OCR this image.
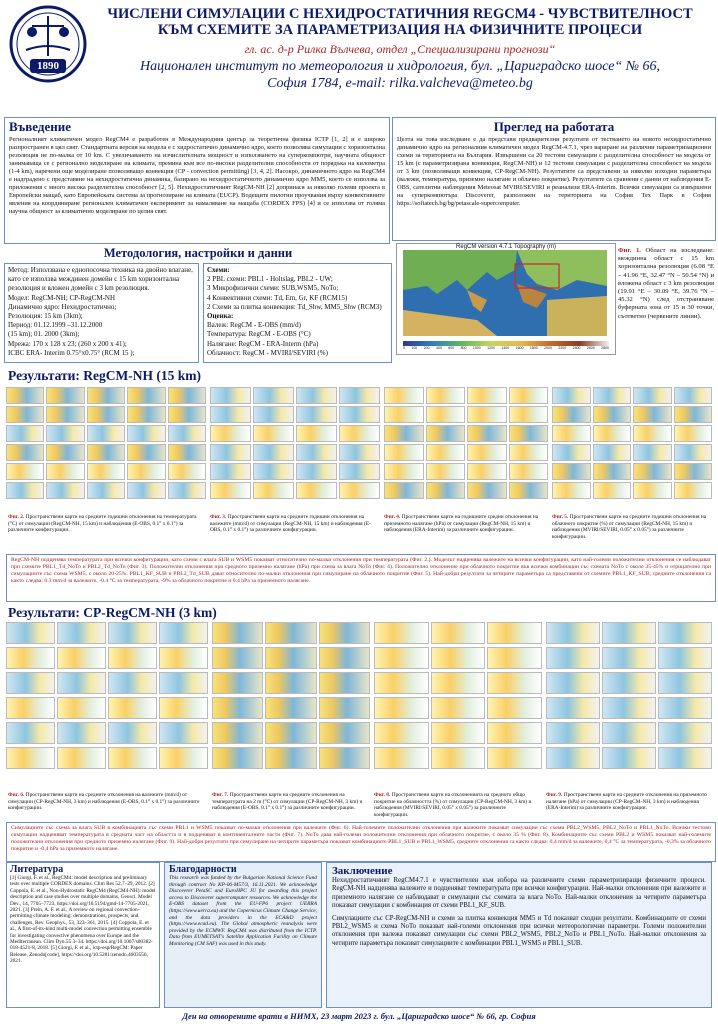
1890
ЧИСЛЕНИ СИМУЛАЦИИ С НЕХИДРОСТАТИЧНИЯ REGCM4 - ЧУВСТВИТЕЛНОСТ
КЪМ СХЕМИТЕ ЗА ПАРАМЕТРИЗАЦИЯ НА ФИЗИЧНИТЕ ПРОЦЕСИ
гл. ас. д-р Рилка Вълчева, отдел „Специализирани прогнози“
Национален институт по метеорология и хидрология, бул. „Цариградско шосе“ № 66,
София 1784, e-mail: rilka.valcheva@meteo.bg
Въведение
Регионалният климатичен модел RegCM4 е разработен в Международния център за теоретична физика ICTP [1, 2] и е широко разпространен в цял свят. Стандартната версия на модела е с хидростатично динамично ядро, което позволява симулации с хоризонтална резолюция не по-малка от 10 km. С увеличаването на изчислителната мощност и използването на суперкомпютри, научната общност занимаваща се с регионално моделиране на климата, премина към все по-високи разделителни способности от порядъка на километра (1-4 km), наречени още моделиране позволяващо конвекция (CP - convection permitting) [3, 4, 2]. Насокро, динамичното ядро на RegCM4 е надградено с представяне на нехидростатична динамика, базирано на нехидростатичното динамично ядро MM5, което се използва за приложения с много висока разделителна способност [2, 5]. Нехидростатичният RegCM-NH [2] допринася за няколко големи проекта в Европейски мащаб, като Европейската система за прогнозиране на климата (EUCP). Водещите пилотни проучвания върху конвективните явления на координиране регионален климатичен експеримент за намаляване на мащаба (CORDEX FPS) [4] и се използва от голяма научна общност за климатично моделиране по целия свят.
Преглед на работата
Целта на това изследване е да представи предварителни резултати от тестването на новото нехидростатично динамично ядро на регионалния климатичен модел RegCM-4.7.1, чрез вариране на различни параметризационни схеми за територията на България. Извършени са 20 тестови симулации с разделителна способност на модела от 15 km (с параметризирана конвекция, RegCM-NH) и 12 тестови симулации с разделителна способност на модела от 3 km (позволяващи конвекция, CP-RegCM-NH). Резултатите са представени за няколко изходни параметъра (валежи, температура, приземно налягане и облачно покритие). Резултатите са сравнени с данни от наблюдения E-OBS, сателитни наблюдения Meteosat MVIRI/SEVIRI и реанализи ERA-Interim. Всички симулации са извършени на суперкомпютъра Discoverer, разположен на територията на София Тех Парк в София https://sofiatech.bg/bg/petascale-supercomputer.
Методология, настройки и данни
Метод: Използвана е еднопосочна техника на двойно влагане, като се използва междинен домейн с 15 km хоризонтална резолюция и вложен домейн с 3 km резолюция.
Модел: RegCM-NH; CP-RegCM-NH
Динамично ядро: Нехидростатично;
Резолюция: 15 km (3km);
Период: 01.12.1999 –31.12.2000
(15 km); 01. 2000 (3km);
Мрежа: 170 x 128 x 23; (260 x 200 x 41);
ICBC ERA- Interim 0.75°x0.75° (RCM 15 );
Схеми:
2 PBL схеми: PBL1 - Holtslag, PBL2 - UW;
3 Микрофизични схеми: SUB,WSM5, NoTo;
4 Конвективни схеми: Td, Em, Gr, KF (RCM15)
2 Схеми за плитка конвекция: Td_Shw, MM5_Shw (RCM3)
Оценка:
Валеж: RegCM - E-OBS (mm/d)
Температура: RegCM - E-OBS (°C)
Налягане: RegCM - ERA-Interm (hPa)
Облачност: RegCM - MVIRI/SEVIRI (%)
RegCM version 4.7.1 Topography (m)
0 100 200 400 600 800 1000 1200 1400 1600 1800 2000 2200 2400 2600 2800
Фиг. 1. Област на изследване: междинна област с 15 km хоризонтална резолюция (6.08 °E – 41.96 °E, 32.47 °N – 50.54 °N) и вложена област с 3 km резолюция (19.91 °E – 30.09 °E, 39.76 °N – 45.32 °N) след отстраняване буферната зона от 15 и 30 точки, съответно (червените линии).
Результати: RegCM-NH (15 km)
Фиг. 2. Пространствени карти на средните годишни отклонения на температурата (°C) от симулации (RegCM-NH, 15 km) и наблюдения (E-OBS, 0.1° x 0.1°) за различните конфигурации.
Фиг. 3. Пространствени карти на средните годишни отклонения на валежите (mm/d) от симулации (RegCM-NH, 15 km) и наблюдения (E-OBS, 0.1° x 0.1°) за различните конфигурации.
Фиг. 4. Пространствени карти на годишните средни отклонения на приземното налягане (hPa) от симулации (RegCM-NH, 15 km) и наблюдения (ERA-Interim) за различните конфигурации.
Фиг. 5. Пространствени карти на средните годишни отклонения на облачното покритие (%) от симулации (RegCM-NH, 15 km) и наблюдения (MVIRI/SEVIRI, 0.05° x 0.05°) за различните конфигурации.
RegCM-NH подценява температурата при всички конфигурации, като схеми с влага SUB и WSM5 показват относително по-малки отклонения при температурата (Фиг. 2.). Моделът надценява валежите на всички конфигурации, като най-големи положителни отклонения се наблюдават при схемите PBL1_Td_NoTo и PBL2_Td_NoTo (Фиг. 3). Положителни отклонения при средното приземно налягане (hPa) при схема за влага NoTo (Фиг. 4). Положително отклонение при облачното покритие във всички комбинации със схемата NoTo с около 35-45% и отрицателно при симулациите със схема WSM5, с около 20-25%. PBL1_KF_SUB и PBL2_Td_SUB дават относително по-малки отклонения при симулиране на облачното покритие (Фиг. 5). Най-добри резултати за четирите параметъра са представени от схемите PBL1_KF_SUB, средните отклонения са както следва: 0.3 mm/d за валежите, -0.4 °C за температурата, -9% за облачното покритие и 0.4 hPa за приземното налягане.
Результати: CP-RegCM-NH (3 km)
Фиг. 6. Пространствени карти на средните отклонения на валежите (mm/d) от симулации (CP-RegCM-NH, 3 km) и наблюдения (E-OBS, 0.1° x 0.1°) за различните конфигурации.
Фиг. 7. Пространствени карти на средните отклонения на температурата на 2 m (°C) от симулации (CP-RegCM-NH, 3 km) и наблюдения (E-OBS, 0.1° x 0.1°) за различните конфигурации.
Фиг. 8. Пространствени карти на отклоненията на средното общо покритие на облачността (%) от симулации (CP-RegCM-NH, 3 km) и наблюдения (MVIRI/SEVIRI, 0.05° x 0.05°) за различните конфигурации.
Фиг. 9. Пространствени карти на средните отклонения на приземното налягане (hPa) от симулации (CP-RegCM-NH, 3 km) и наблюдения (ERA-Interim) за различните конфигурации.
Симулациите със схема за влага SUB в комбинацията със схеми PBL1 и WSM5 показват по-малки отклонения при валежите (Фиг. 6). Най-големите положителни отклонения при валежите показват симулации със схеми PBL2_WSM5, PBL2_NoTo и PBL1_NoTo. Всички тестови симулации надценяват температурата в средната част на областта и я подценяват в континенталните части (Фиг. 7). NoTo дава най-големи положителни отклонения при облачното покритие, с около 35 % (Фиг. 8). Комбинациите със схеми PBL2 и WSM5 показват най-големите положителни отклонения при средното приземно налягане (Фиг. 9). Най-добри резултати при симулиране на четирите параметъра показват комбинациите PBL1_SUB и PBL1_WSM5, средните отклонения са както следва: 0,4 mm/d за валежите, 0,4 °C за температурата, -0,3% за облачното покритие и -0,4 hPa за приземното налягане.
Литература
[1] Giorgi, F. et al., RegCM4: model description and preliminary tests over multiple CORDEX domains. Clim Res 52,7–29, 2012. [2] Coppola, E. et al., Non-Hydrostatic RegCM4 (RegCM4-NH): model description and case studies over multiple domains, Geosci. Model Dev., 14, 7705–7723, https://doi.org/10.5194/gmd-14-7705-2021, 2021. [3] Prein, A. F. et al., A review on regional convection-permitting climate modeling: demonstrations, prospects, and challenges, Rev. Geophys., 53, 323–361, 2015. [4] Coppola, E. et al., A first-of-its-kind multi-model convection permitting ensemble for investigating convective phenomena over Europe and the Mediterranean. Clim Dyn.55 3–34. https://doi.org/10.1007/s00382-018-4521-8, 2018. [5] Giorgi, F. et al., ictp-esp/RegCM: Paper Release, Zenodo[code], https://doi.org/10.5281/zenodo.4603556, 2021.
Благодарности
This research was funded by the Bulgarian National Science Fund through contract No KP-06-M57/3, 16.11.2021. We acknowledge Discoverer PetaSC and EuroHPC JU for awarding this project access to Discoverer supercomputer resources. We acknowledge the E-OBS dataset from the EU-FP6 project UERRA (https://www.uerra.eu) and the Copernicus Climate Change Service, and the data providers in the ECA&D project (https://www.ecad.eu). The Global atmospheric reanalysis were provided by the ECMWF. RegCM4 was distributed from the ICTP. Data from EUMETSAT's Satellite Application Facility on Climate Monitoring (CM SAF) was used in this study.
Заключение
Нехидростатичният RegCM4.7.1 е чувствителен към избора на различните схеми параметризиращи физичните процеси. RegCM-NH надценява валежите и подценяват температурата при всички конфигурации. Най-малки отклонения при валежите и приземното налягане се наблюдават в симулации със схемата за влага NoTo. Най-малки отклонения за четирите параметъра показват симулации с комбинация от схеми PBL1_KF_SUB.
Симулациите със CP-RegCM-NH и схеми за плитка конвекция MM5 и Td показват сходни резултати. Комбинациите от схеми PBL2_WSM5 и схема NoTo показват най-големи отклонения при всички метеорологични параметри. Големи положителни отклонения при валежа показват симулации със схеми PBL2_WSM5, PBL2_NoTo и PBL1_NoTo. Най-малки отклонения за четирите параметъра показват симулациите с комбинации PBL1_WSM5 и PBL1_SUB.
Ден на отворените врати в НИМХ, 23 март 2023 г. бул. „Цариградско шосе“ № 66, гр. София
